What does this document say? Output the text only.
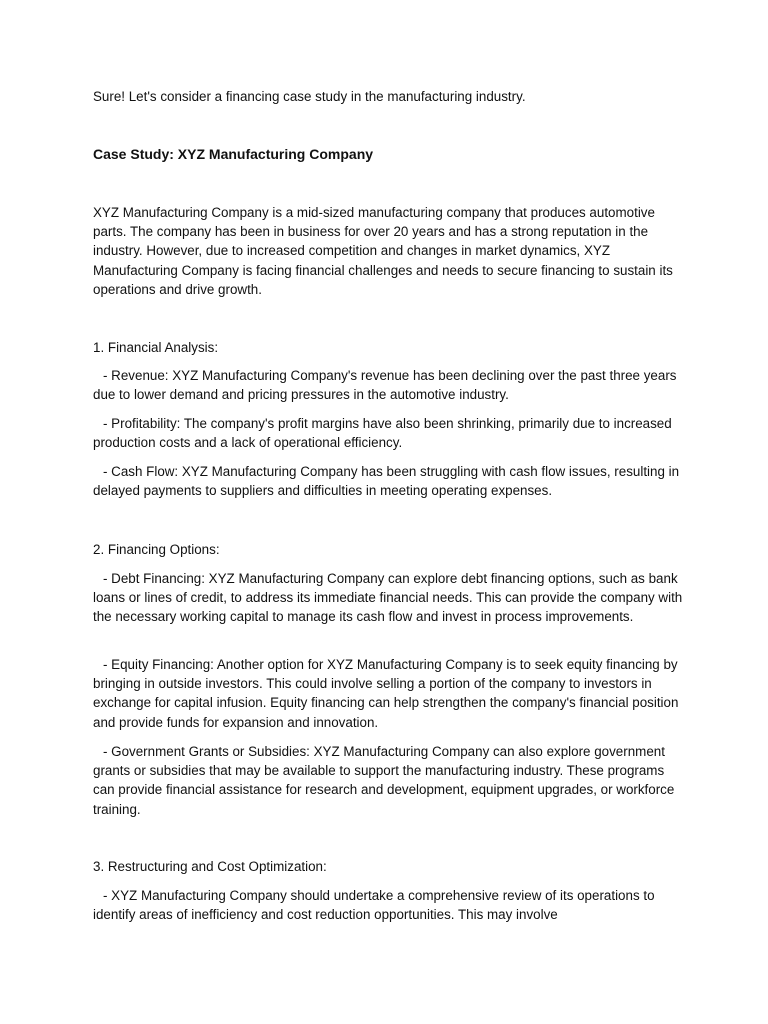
Sure! Let's consider a financing case study in the manufacturing industry.

Case Study: XYZ Manufacturing Company

XYZ Manufacturing Company is a mid-sized manufacturing company that produces automotive parts. The company has been in business for over 20 years and has a strong reputation in the industry. However, due to increased competition and changes in market dynamics, XYZ Manufacturing Company is facing financial challenges and needs to secure financing to sustain its operations and drive growth.

1. Financial Analysis:

- Revenue: XYZ Manufacturing Company's revenue has been declining over the past three years due to lower demand and pricing pressures in the automotive industry.

- Profitability: The company's profit margins have also been shrinking, primarily due to increased production costs and a lack of operational efficiency.

- Cash Flow: XYZ Manufacturing Company has been struggling with cash flow issues, resulting in delayed payments to suppliers and difficulties in meeting operating expenses.

2. Financing Options:

- Debt Financing: XYZ Manufacturing Company can explore debt financing options, such as bank loans or lines of credit, to address its immediate financial needs. This can provide the company with the necessary working capital to manage its cash flow and invest in process improvements.

- Equity Financing: Another option for XYZ Manufacturing Company is to seek equity financing by bringing in outside investors. This could involve selling a portion of the company to investors in exchange for capital infusion. Equity financing can help strengthen the company's financial position and provide funds for expansion and innovation.

- Government Grants or Subsidies: XYZ Manufacturing Company can also explore government grants or subsidies that may be available to support the manufacturing industry. These programs can provide financial assistance for research and development, equipment upgrades, or workforce training.

3. Restructuring and Cost Optimization:

- XYZ Manufacturing Company should undertake a comprehensive review of its operations to identify areas of inefficiency and cost reduction opportunities. This may involve
